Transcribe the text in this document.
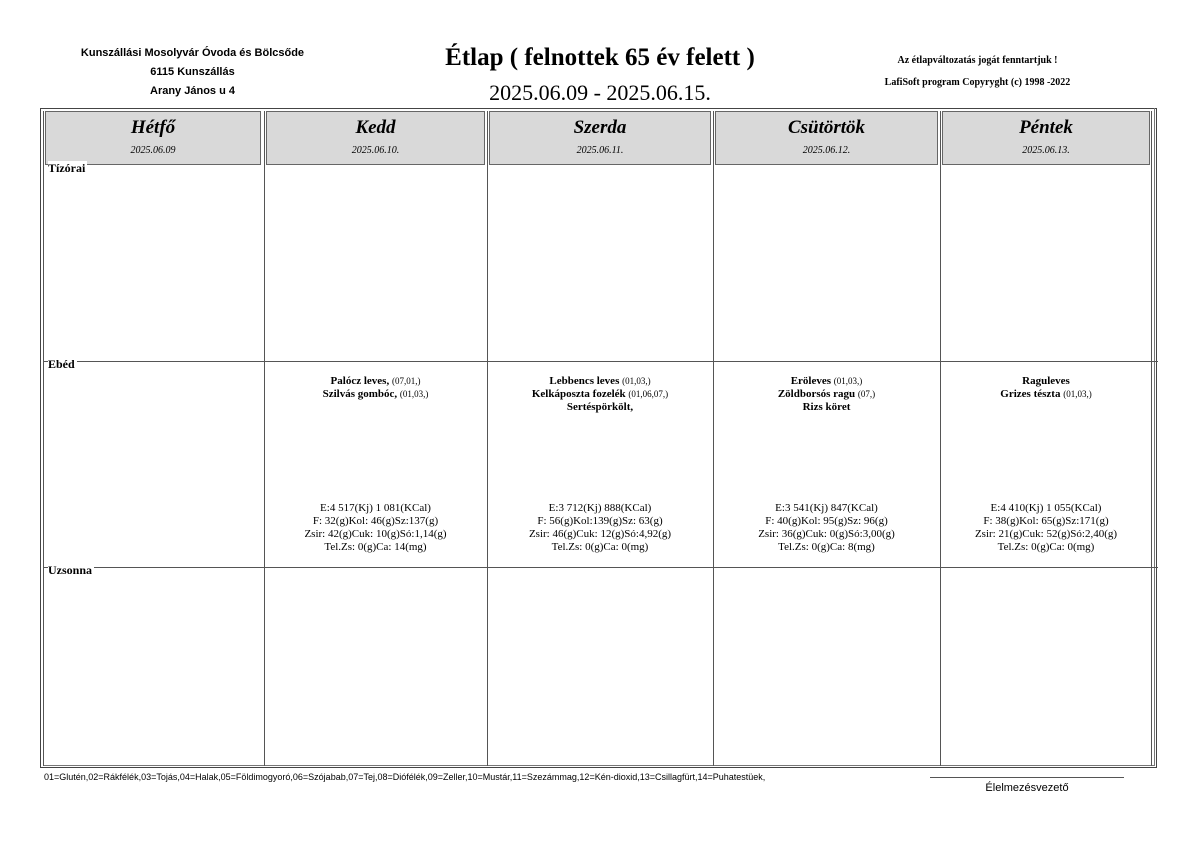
Kunszállási Mosolyvár Óvoda és Bölcsőde
6115 Kunszállás
Arany János u 4
Étlap ( felnottek 65 év felett )
2025.06.09 - 2025.06.15.
Az étlapváltozatás jogát fenntartjuk !
LafiSoft program Copyryght (c) 1998 -2022
Hétfő
2025.06.09
Kedd
2025.06.10.
Szerda
2025.06.11.
Csütörtök
2025.06.12.
Péntek
2025.06.13.
Tízórai
Ebéd
Uzsonna
Palócz leves, (07,01,)
Szilvás gombóc, (01,03,)
E:4 517(Kj) 1 081(KCal)
F: 32(g)Kol: 46(g)Sz:137(g)
Zsir: 42(g)Cuk: 10(g)Só:1,14(g)
Tel.Zs: 0(g)Ca: 14(mg)
Lebbencs leves (01,03,)
Kelkáposzta fozelék (01,06,07,)
Sertéspörkölt,
E:3 712(Kj) 888(KCal)
F: 56(g)Kol:139(g)Sz: 63(g)
Zsir: 46(g)Cuk: 12(g)Só:4,92(g)
Tel.Zs: 0(g)Ca: 0(mg)
Eröleves (01,03,)
Zöldborsós ragu (07,)
Rizs köret
E:3 541(Kj) 847(KCal)
F: 40(g)Kol: 95(g)Sz: 96(g)
Zsir: 36(g)Cuk: 0(g)Só:3,00(g)
Tel.Zs: 0(g)Ca: 8(mg)
Raguleves
Grizes tészta (01,03,)
E:4 410(Kj) 1 055(KCal)
F: 38(g)Kol: 65(g)Sz:171(g)
Zsir: 21(g)Cuk: 52(g)Só:2,40(g)
Tel.Zs: 0(g)Ca: 0(mg)
01=Glutén,02=Rákfélék,03=Tojás,04=Halak,05=Földimogyoró,06=Szójabab,07=Tej,08=Diófélék,09=Zeller,10=Mustár,11=Szezámmag,12=Kén-dioxid,13=Csillagfürt,14=Puhatestüek,
Élelmezésvezető
